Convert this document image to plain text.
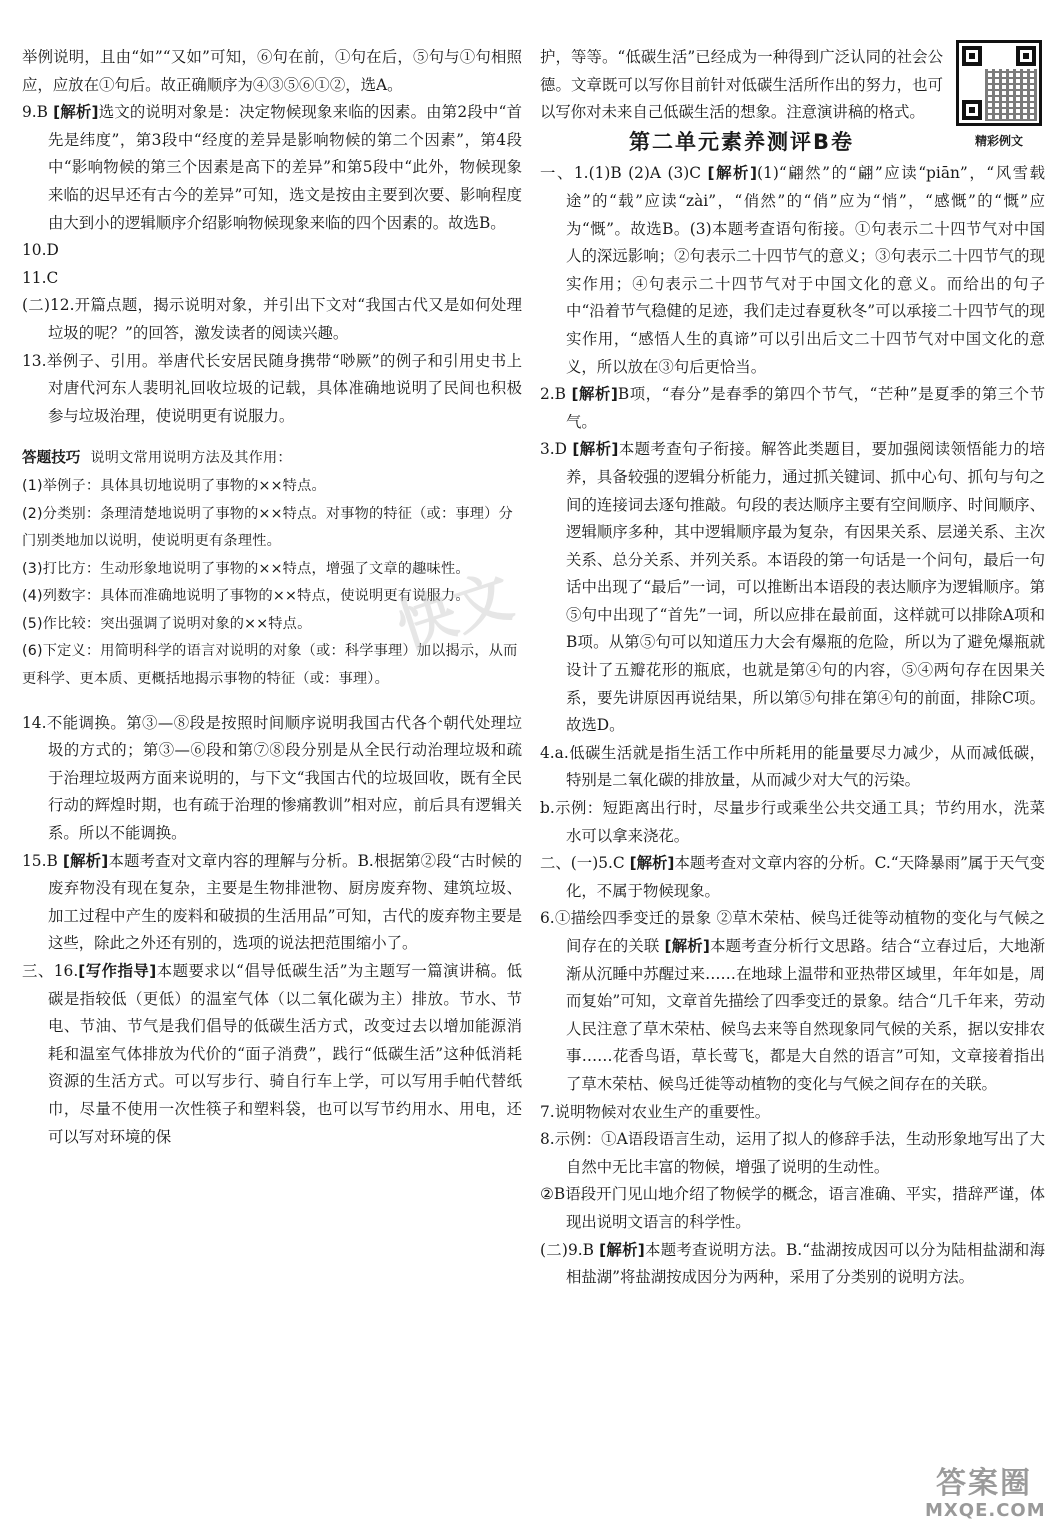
举例说明，且由“如”“又如”可知，⑥句在前，①句在后，⑤句与①句相照应，应放在①句后。故正确顺序为④③⑤⑥①②，选A。

9.B [解析]选文的说明对象是：决定物候现象来临的因素。由第2段中“首先是纬度”，第3段中“经度的差异是影响物候的第二个因素”，第4段中“影响物候的第三个因素是高下的差异”和第5段中“此外，物候现象来临的迟早还有古今的差异”可知，选文是按由主要到次要、影响程度由大到小的逻辑顺序介绍影响物候现象来临的四个因素的。故选B。

10.D

11.C

(二)12.开篇点题，揭示说明对象，并引出下文对“我国古代又是如何处理垃圾的呢？”的回答，激发读者的阅读兴趣。

13.举例子、引用。举唐代长安居民随身携带“唦厥”的例子和引用史书上对唐代河东人裴明礼回收垃圾的记载，具体准确地说明了民间也积极参与垃圾治理，使说明更有说服力。

答题技巧 说明文常用说明方法及其作用：

(1)举例子：具体具切地说明了事物的××特点。

(2)分类别：条理清楚地说明了事物的××特点。对事物的特征（或：事理）分门别类地加以说明，使说明更有条理性。

(3)打比方：生动形象地说明了事物的××特点，增强了文章的趣味性。

(4)列数字：具体而准确地说明了事物的××特点，使说明更有说服力。

(5)作比较：突出强调了说明对象的××特点。

(6)下定义：用简明科学的语言对说明的对象（或：科学事理）加以揭示，从而更科学、更本质、更概括地揭示事物的特征（或：事理）。

14.不能调换。第③—⑧段是按照时间顺序说明我国古代各个朝代处理垃圾的方式的；第③—⑥段和第⑦⑧段分别是从全民行动治理垃圾和疏于治理垃圾两方面来说明的，与下文“我国古代的垃圾回收，既有全民行动的辉煌时期，也有疏于治理的惨痛教训”相对应，前后具有逻辑关系。所以不能调换。

15.B [解析]本题考查对文章内容的理解与分析。B.根据第②段“古时候的废弃物没有现在复杂，主要是生物排泄物、厨房废弃物、建筑垃圾、加工过程中产生的废料和破损的生活用品”可知，古代的废弃物主要是这些，除此之外还有别的，选项的说法把范围缩小了。

三、16.[写作指导]本题要求以“倡导低碳生活”为主题写一篇演讲稿。低碳是指较低（更低）的温室气体（以二氧化碳为主）排放。节水、节电、节油、节气是我们倡导的低碳生活方式，改变过去以增加能源消耗和温室气体排放为代价的“面子消费”，践行“低碳生活”这种低消耗资源的生活方式。可以写步行、骑自行车上学，可以写用手帕代替纸巾，尽量不使用一次性筷子和塑料袋，也可以写节约用水、用电，还可以写对环境的保

精彩例文

护，等等。“低碳生活”已经成为一种得到广泛认同的社会公德。文章既可以写你目前针对低碳生活所作出的努力，也可以写你对未来自己低碳生活的想象。注意演讲稿的格式。

第二单元素养测评B卷

一、1.(1)B (2)A (3)C [解析](1)“翩然”的“翩”应读“piān”，“风雪载途”的“载”应读“zài”，“俏然”的“俏”应为“悄”，“感慨”的“慨”应为“慨”。故选B。(3)本题考查语句衔接。①句表示二十四节气对中国人的深远影响；②句表示二十四节气的意义；③句表示二十四节气的现实作用；④句表示二十四节气对于中国文化的意义。而给出的句子中“沿着节气稳健的足迹，我们走过春夏秋冬”可以承接二十四节气的现实作用，“感悟人生的真谛”可以引出后文二十四节气对中国文化的意义，所以放在③句后更恰当。

2.B [解析]B项，“春分”是春季的第四个节气，“芒种”是夏季的第三个节气。

3.D [解析]本题考查句子衔接。解答此类题目，要加强阅读领悟能力的培养，具备较强的逻辑分析能力，通过抓关键词、抓中心句、抓句与句之间的连接词去逐句推敲。句段的表达顺序主要有空间顺序、时间顺序、逻辑顺序多种，其中逻辑顺序最为复杂，有因果关系、层递关系、主次关系、总分关系、并列关系。本语段的第一句话是一个问句，最后一句话中出现了“最后”一词，可以推断出本语段的表达顺序为逻辑顺序。第⑤句中出现了“首先”一词，所以应排在最前面，这样就可以排除A项和B项。从第⑤句可以知道压力大会有爆瓶的危险，所以为了避免爆瓶就设计了五瓣花形的瓶底，也就是第④句的内容，⑤④两句存在因果关系，要先讲原因再说结果，所以第⑤句排在第④句的前面，排除C项。故选D。

4.a.低碳生活就是指生活工作中所耗用的能量要尽力减少，从而减低碳，特别是二氧化碳的排放量，从而减少对大气的污染。

b.示例：短距离出行时，尽量步行或乘坐公共交通工具；节约用水，洗菜水可以拿来浇花。

二、(一)5.C [解析]本题考查对文章内容的分析。C.“天降暴雨”属于天气变化，不属于物候现象。

6.①描绘四季变迁的景象 ②草木荣枯、候鸟迁徙等动植物的变化与气候之间存在的关联 [解析]本题考查分析行文思路。结合“立春过后，大地渐渐从沉睡中苏醒过来……在地球上温带和亚热带区域里，年年如是，周而复始”可知，文章首先描绘了四季变迁的景象。结合“几千年来，劳动人民注意了草木荣枯、候鸟去来等自然现象同气候的关系，据以安排农事……花香鸟语，草长莺飞，都是大自然的语言”可知，文章接着指出了草木荣枯、候鸟迁徙等动植物的变化与气候之间存在的关联。

7.说明物候对农业生产的重要性。

8.示例：①A语段语言生动，运用了拟人的修辞手法，生动形象地写出了大自然中无比丰富的物候，增强了说明的生动性。

②B语段开门见山地介绍了物候学的概念，语言准确、平实，措辞严谨，体现出说明文语言的科学性。

(二)9.B [解析]本题考查说明方法。B.“盐湖按成因可以分为陆相盐湖和海相盐湖”将盐湖按成因分为两种，采用了分类别的说明方法。

快文
答案圈
MXQE.COM
